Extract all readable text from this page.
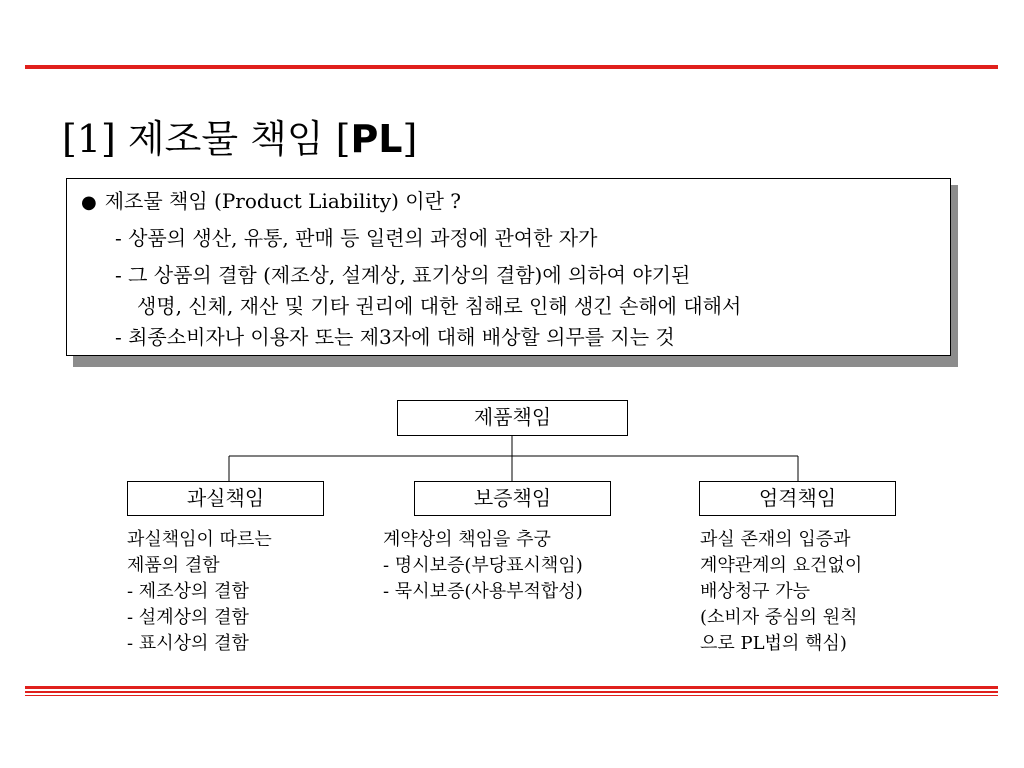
[1] 제조물 책임 [PL]
● 제조물 책임 (Product Liability) 이란 ?
- 상품의 생산, 유통, 판매 등 일련의 과정에 관여한 자가
- 그 상품의 결함 (제조상, 설계상, 표기상의 결함)에 의하여 야기된
생명, 신체, 재산 및 기타 권리에 대한 침해로 인해 생긴 손해에 대해서
- 최종소비자나 이용자 또는 제3자에 대해 배상할 의무를 지는 것
제품책임
과실책임	보증책임	엄격책임
과실책임이 따르는
제품의 결함
- 제조상의 결함
- 설계상의 결함
- 표시상의 결함
계약상의 책임을 추궁
- 명시보증(부당표시책임)
- 묵시보증(사용부적합성)
과실 존재의 입증과
계약관계의 요건없이
배상청구 가능
(소비자 중심의 원칙
으로 PL법의 핵심)
